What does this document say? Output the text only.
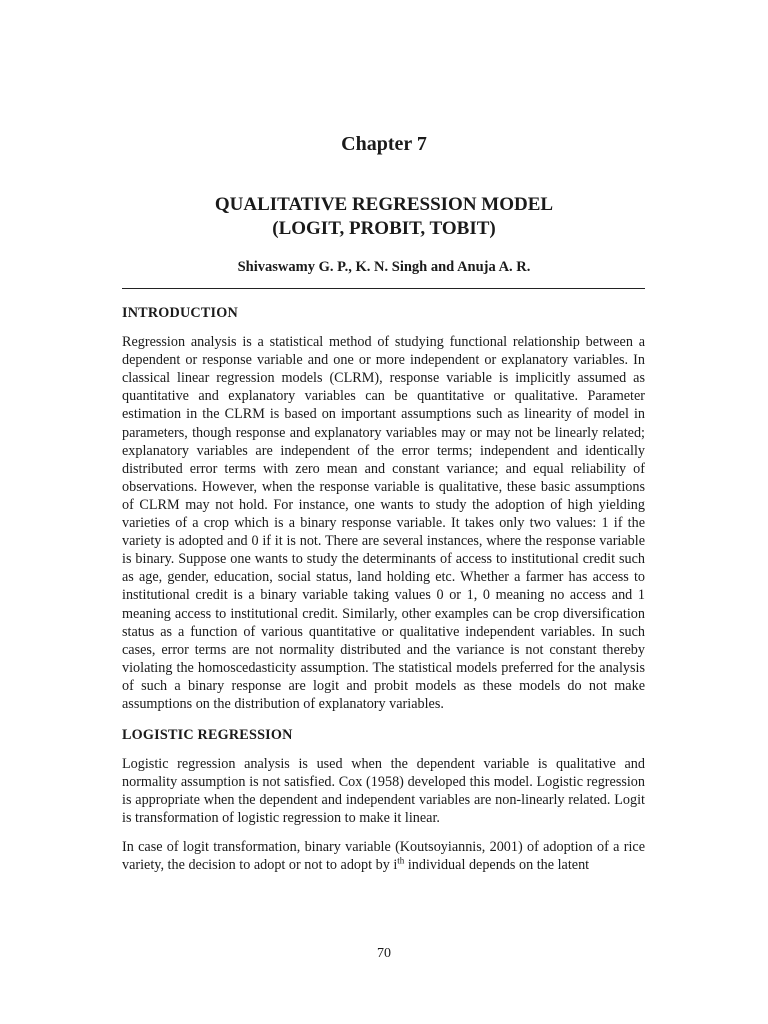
Chapter 7
QUALITATIVE REGRESSION MODEL
(LOGIT, PROBIT, TOBIT)
Shivaswamy G. P., K. N. Singh and Anuja A. R.
INTRODUCTION

Regression analysis is a statistical method of studying functional relationship between a dependent or response variable and one or more independent or explanatory variables. In classical linear regression models (CLRM), response variable is implicitly assumed as quantitative and explanatory variables can be quantitative or qualitative. Parameter estimation in the CLRM is based on important assumptions such as linearity of model in parameters, though response and explanatory variables may or may not be linearly related; explanatory variables are independent of the error terms; independent and identically distributed error terms with zero mean and constant variance; and equal reliability of observations. However, when the response variable is qualitative, these basic assumptions of CLRM may not hold. For instance, one wants to study the adoption of high yielding varieties of a crop which is a binary response variable. It takes only two values: 1 if the variety is adopted and 0 if it is not. There are several instances, where the response variable is binary. Suppose one wants to study the determinants of access to institutional credit such as age, gender, education, social status, land holding etc. Whether a farmer has access to institutional credit is a binary variable taking values 0 or 1, 0 meaning no access and 1 meaning access to institutional credit. Similarly, other examples can be crop diversification status as a function of various quantitative or qualitative independent variables. In such cases, error terms are not normality distributed and the variance is not constant thereby violating the homoscedasticity assumption. The statistical models preferred for the analysis of such a binary response are logit and probit models as these models do not make assumptions on the distribution of explanatory variables.

LOGISTIC REGRESSION

Logistic regression analysis is used when the dependent variable is qualitative and normality assumption is not satisfied. Cox (1958) developed this model. Logistic regression is appropriate when the dependent and independent variables are non-linearly related. Logit is transformation of logistic regression to make it linear.

In case of logit transformation, binary variable (Koutsoyiannis, 2001) of adoption of a rice variety, the decision to adopt or not to adopt by $i^{th}$ individual depends on the latent

70
